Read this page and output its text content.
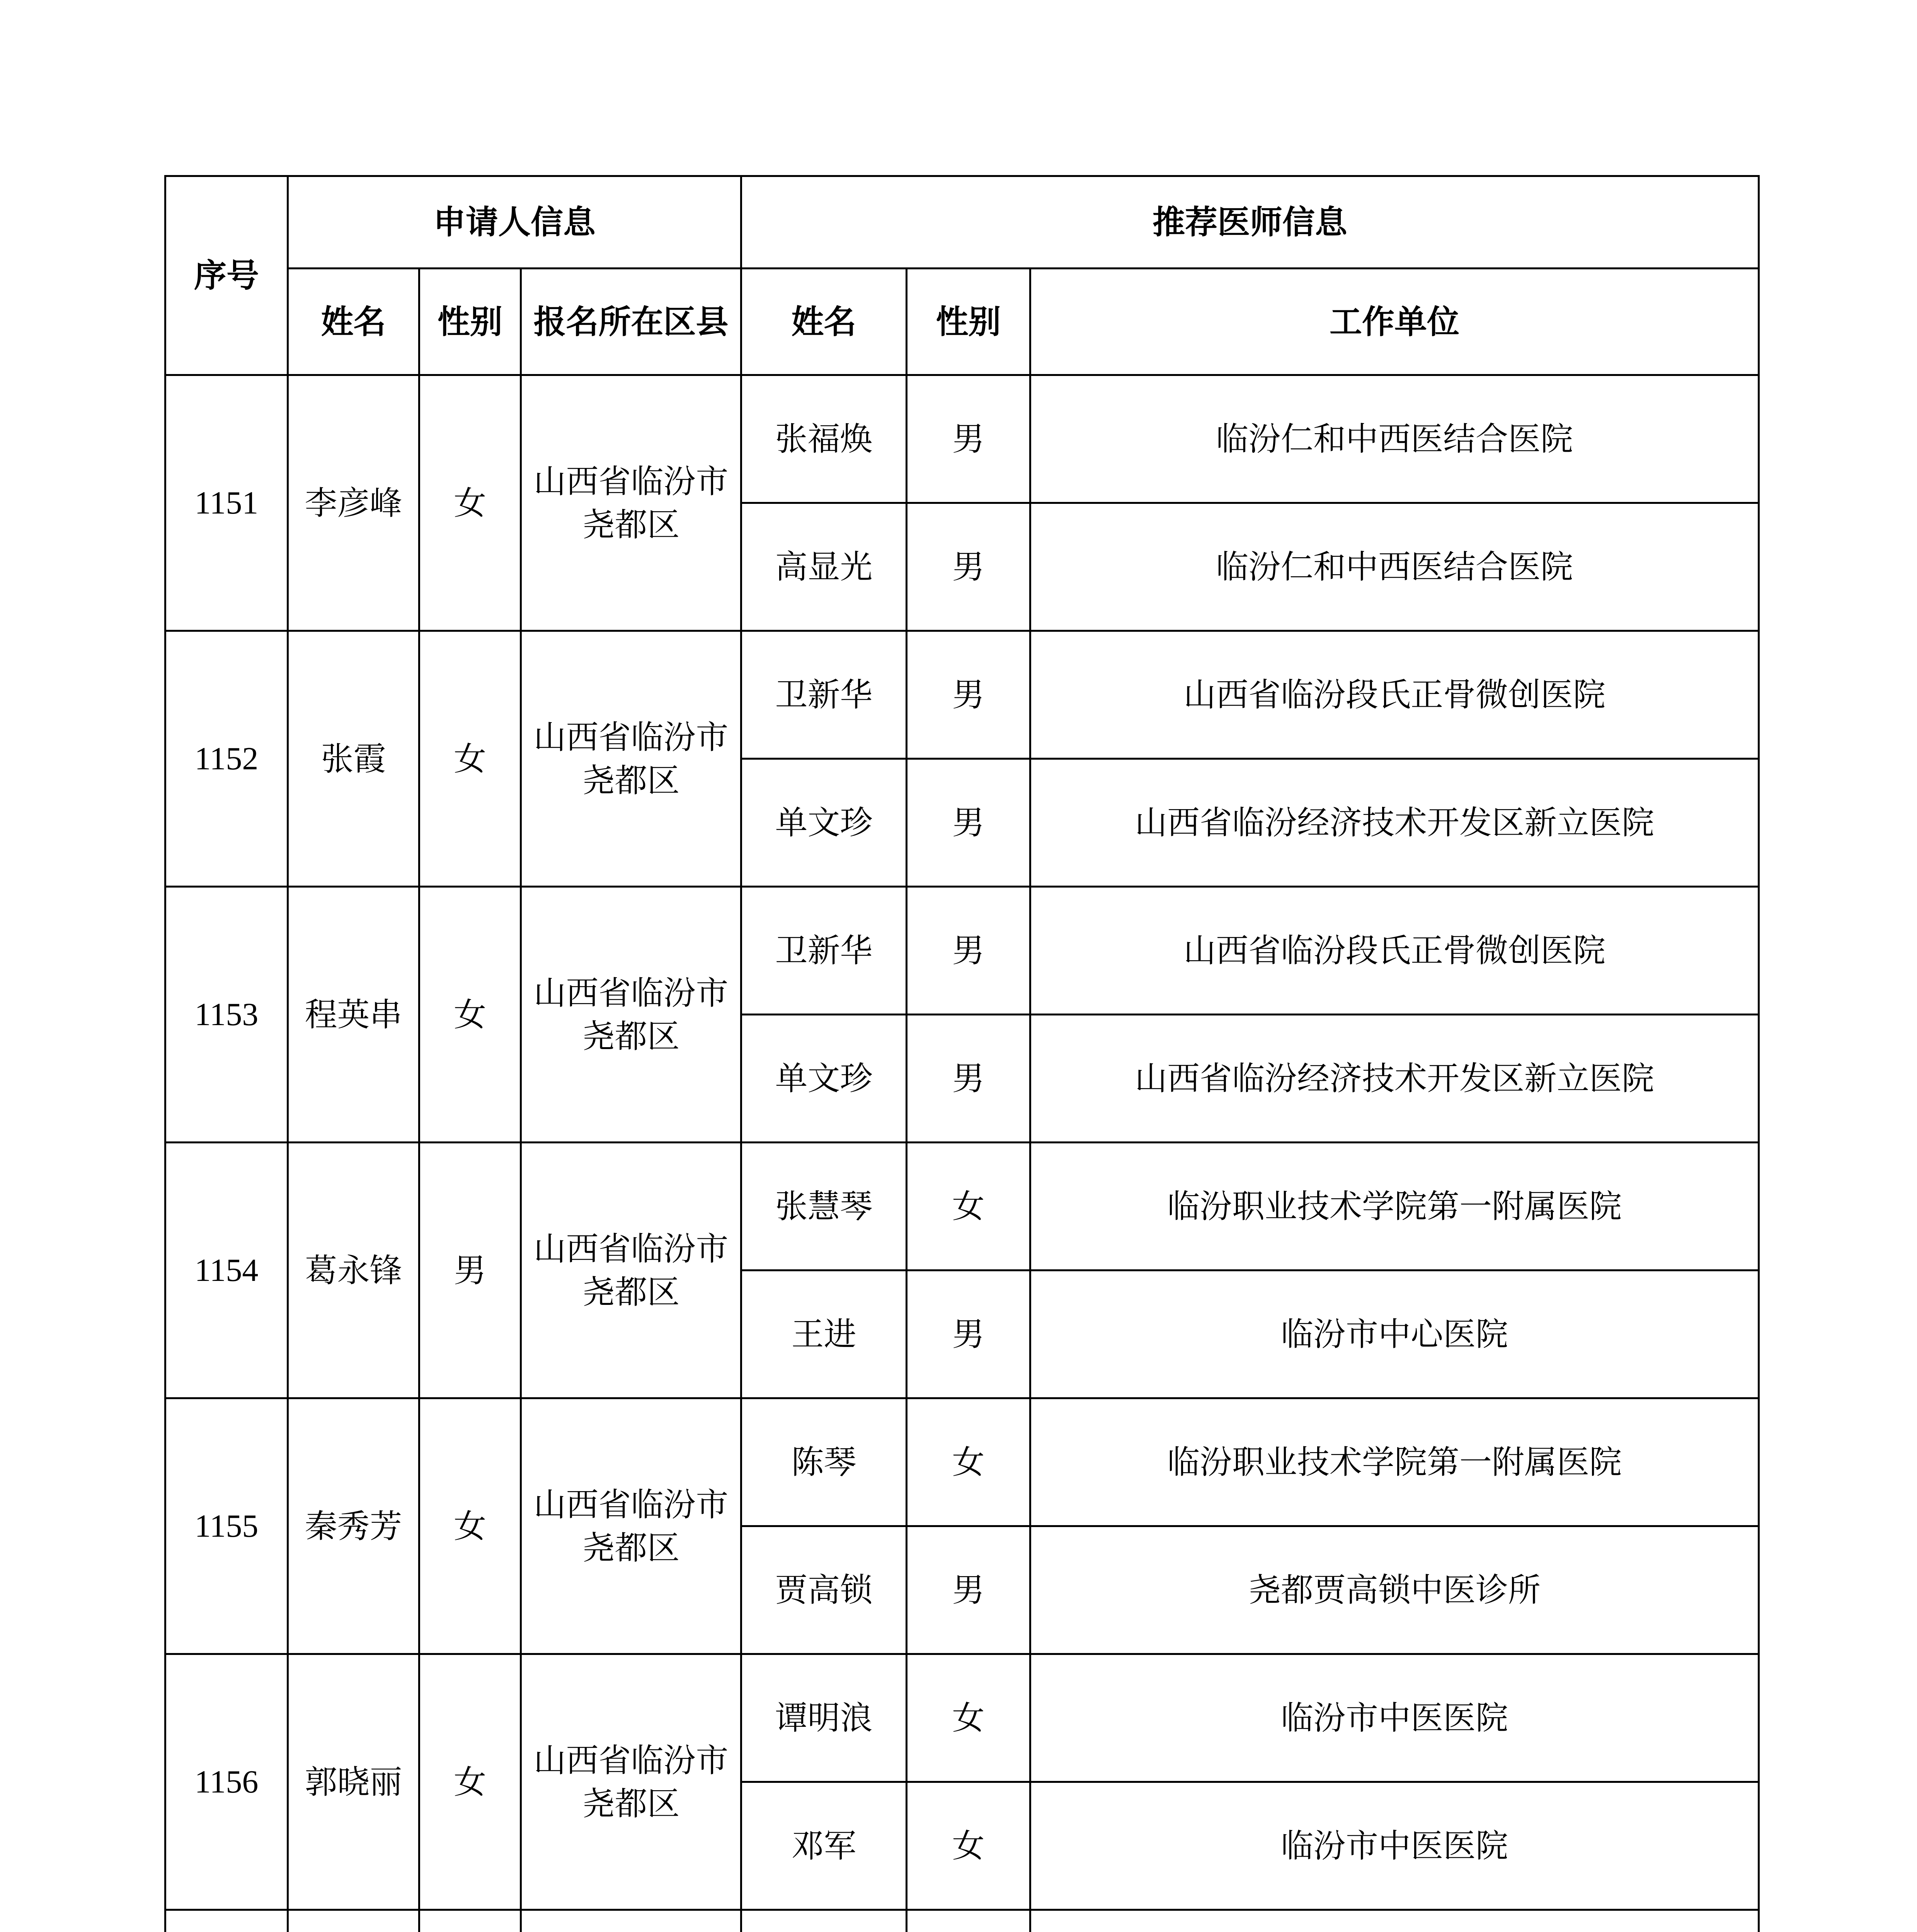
序号	申请人信息			推荐医师信息		
	姓名	性别	报名所在区县	姓名	性别	工作单位
1151	李彦峰	女	山西省临汾市尧都区	张福焕	男	临汾仁和中西医结合医院
				高显光	男	临汾仁和中西医结合医院
1152	张霞	女	山西省临汾市尧都区	卫新华	男	山西省临汾段氏正骨微创医院
				单文珍	男	山西省临汾经济技术开发区新立医院
1153	程英串	女	山西省临汾市尧都区	卫新华	男	山西省临汾段氏正骨微创医院
				单文珍	男	山西省临汾经济技术开发区新立医院
1154	葛永锋	男	山西省临汾市尧都区	张慧琴	女	临汾职业技术学院第一附属医院
				王进	男	临汾市中心医院
1155	秦秀芳	女	山西省临汾市尧都区	陈琴	女	临汾职业技术学院第一附属医院
				贾高锁	男	尧都贾高锁中医诊所
1156	郭晓丽	女	山西省临汾市尧都区	谭明浪	女	临汾市中医医院
				邓军	女	临汾市中医医院
